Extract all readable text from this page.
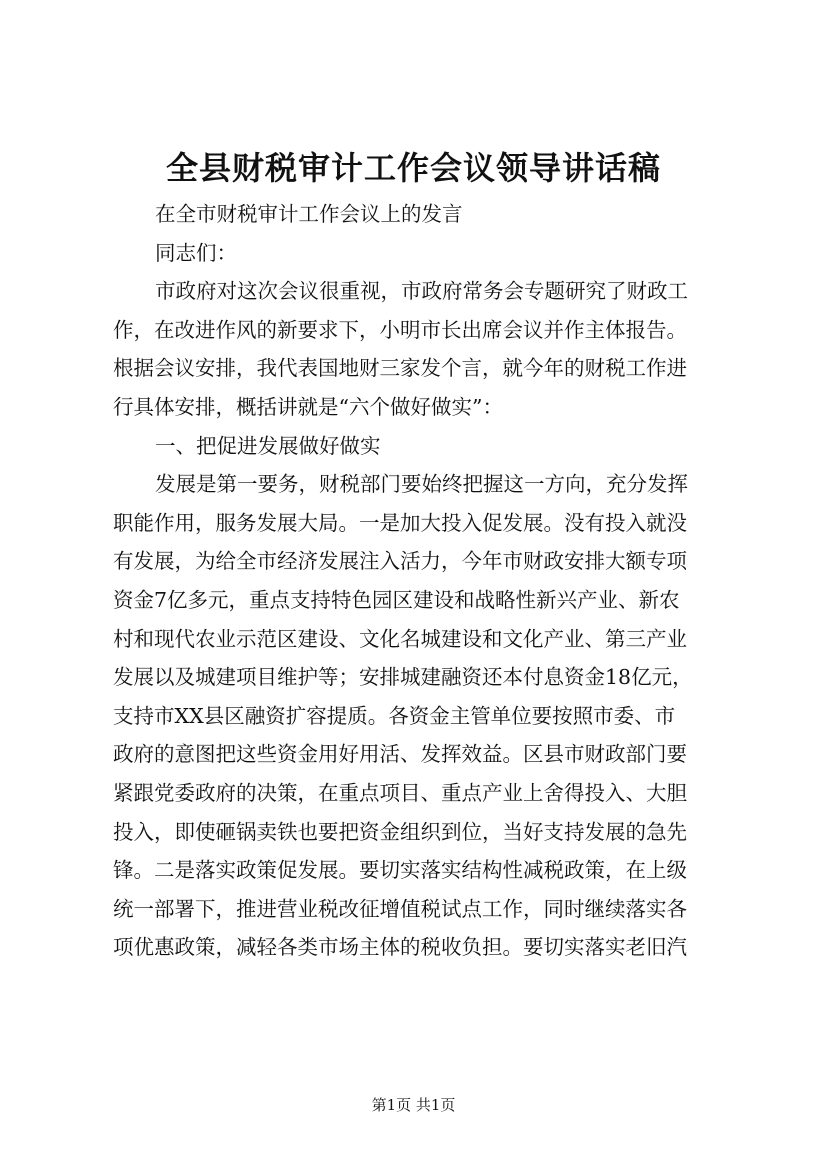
全县财税审计工作会议领导讲话稿
在全市财税审计工作会议上的发言
同志们：
市政府对这次会议很重视，市政府常务会专题研究了财政工
作，在改进作风的新要求下，小明市长出席会议并作主体报告。
根据会议安排，我代表国地财三家发个言，就今年的财税工作进
行具体安排，概括讲就是“六个做好做实”：
一、把促进发展做好做实
发展是第一要务，财税部门要始终把握这一方向，充分发挥
职能作用，服务发展大局。一是加大投入促发展。没有投入就没
有发展，为给全市经济发展注入活力，今年市财政安排大额专项
资金7亿多元，重点支持特色园区建设和战略性新兴产业、新农
村和现代农业示范区建设、文化名城建设和文化产业、第三产业
发展以及城建项目维护等；安排城建融资还本付息资金18亿元，
支持市XX县区融资扩容提质。各资金主管单位要按照市委、市
政府的意图把这些资金用好用活、发挥效益。区县市财政部门要
紧跟党委政府的决策，在重点项目、重点产业上舍得投入、大胆
投入，即使砸锅卖铁也要把资金组织到位，当好支持发展的急先
锋。二是落实政策促发展。要切实落实结构性减税政策，在上级
统一部署下，推进营业税改征增值税试点工作，同时继续落实各
项优惠政策，减轻各类市场主体的税收负担。要切实落实老旧汽
第1页 共1页
